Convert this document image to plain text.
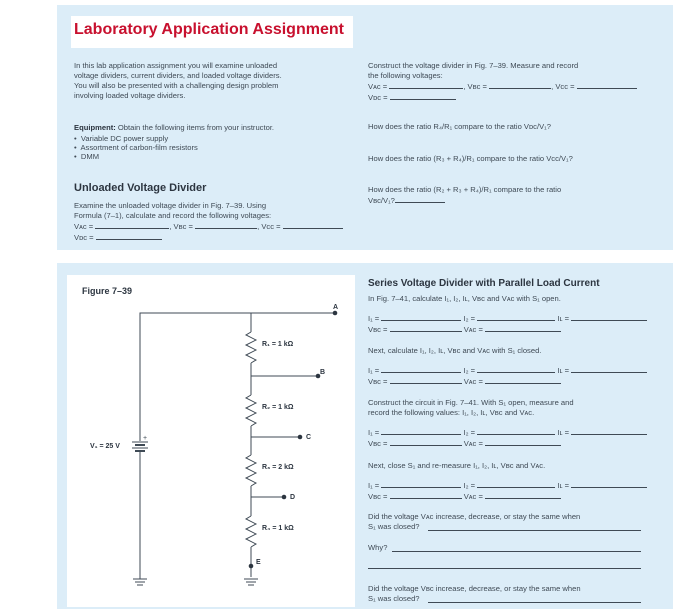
Laboratory Application Assignment
In this lab application assignment you will examine unloaded
voltage dividers, current dividers, and loaded voltage dividers.
You will also be presented with a challenging design problem
involving loaded voltage dividers.
Equipment: Obtain the following items from your instructor.
•  Variable DC power supply
•  Assortment of carbon-film resistors
•  DMM
Unloaded Voltage Divider
Examine the unloaded voltage divider in Fig. 7–39. Using
Formula (7–1), calculate and record the following voltages:
Vᴀᴄ =	, Vʙᴄ =	, Vᴄᴄ =
Vᴅᴄ =
Construct the voltage divider in Fig. 7–39. Measure and record
the following voltages:
Vᴀᴄ =	, Vʙᴄ =	, Vᴄᴄ =
Vᴅᴄ =
How does the ratio R₄/R₁ compare to the ratio Vᴅᴄ/V₁?
How does the ratio (R₃ + R₄)/R₁ compare to the ratio Vᴄᴄ/V₁?
How does the ratio (R₂ + R₃ + R₄)/R₁ compare to the ratio
Vʙᴄ/V₁?
Figure 7–39
+
A
B
C
D
E
R₁ = 1 kΩ
R₂ = 1 kΩ
R₃ = 2 kΩ
R₄ = 1 kΩ
V₁ = 25 V
Series Voltage Divider with Parallel Load Current
In Fig. 7–41, calculate I₁, I₂, Iʟ, Vʙᴄ and Vᴀᴄ with S₁ open.
I₁ =	I₂ =	Iʟ =
Vʙᴄ =	Vᴀᴄ =
Next, calculate I₁, I₂, Iʟ, Vʙᴄ and Vᴀᴄ with S₁ closed.
I₁ =	I₂ =	Iʟ =
Vʙᴄ =	Vᴀᴄ =
Construct the circuit in Fig. 7–41. With S₁ open, measure and
record the following values: I₁, I₂, Iʟ, Vʙᴄ and Vᴀᴄ.
I₁ =	I₂ =	Iʟ =
Vʙᴄ =	Vᴀᴄ =
Next, close S₁ and re-measure I₁, I₂, Iʟ, Vʙᴄ and Vᴀᴄ.
I₁ =	I₂ =	Iʟ =
Vʙᴄ =	Vᴀᴄ =
Did the voltage Vᴀᴄ increase, decrease, or stay the same when
S₁ was closed?
Why?
Did the voltage Vʙᴄ increase, decrease, or stay the same when
S₁ was closed?
